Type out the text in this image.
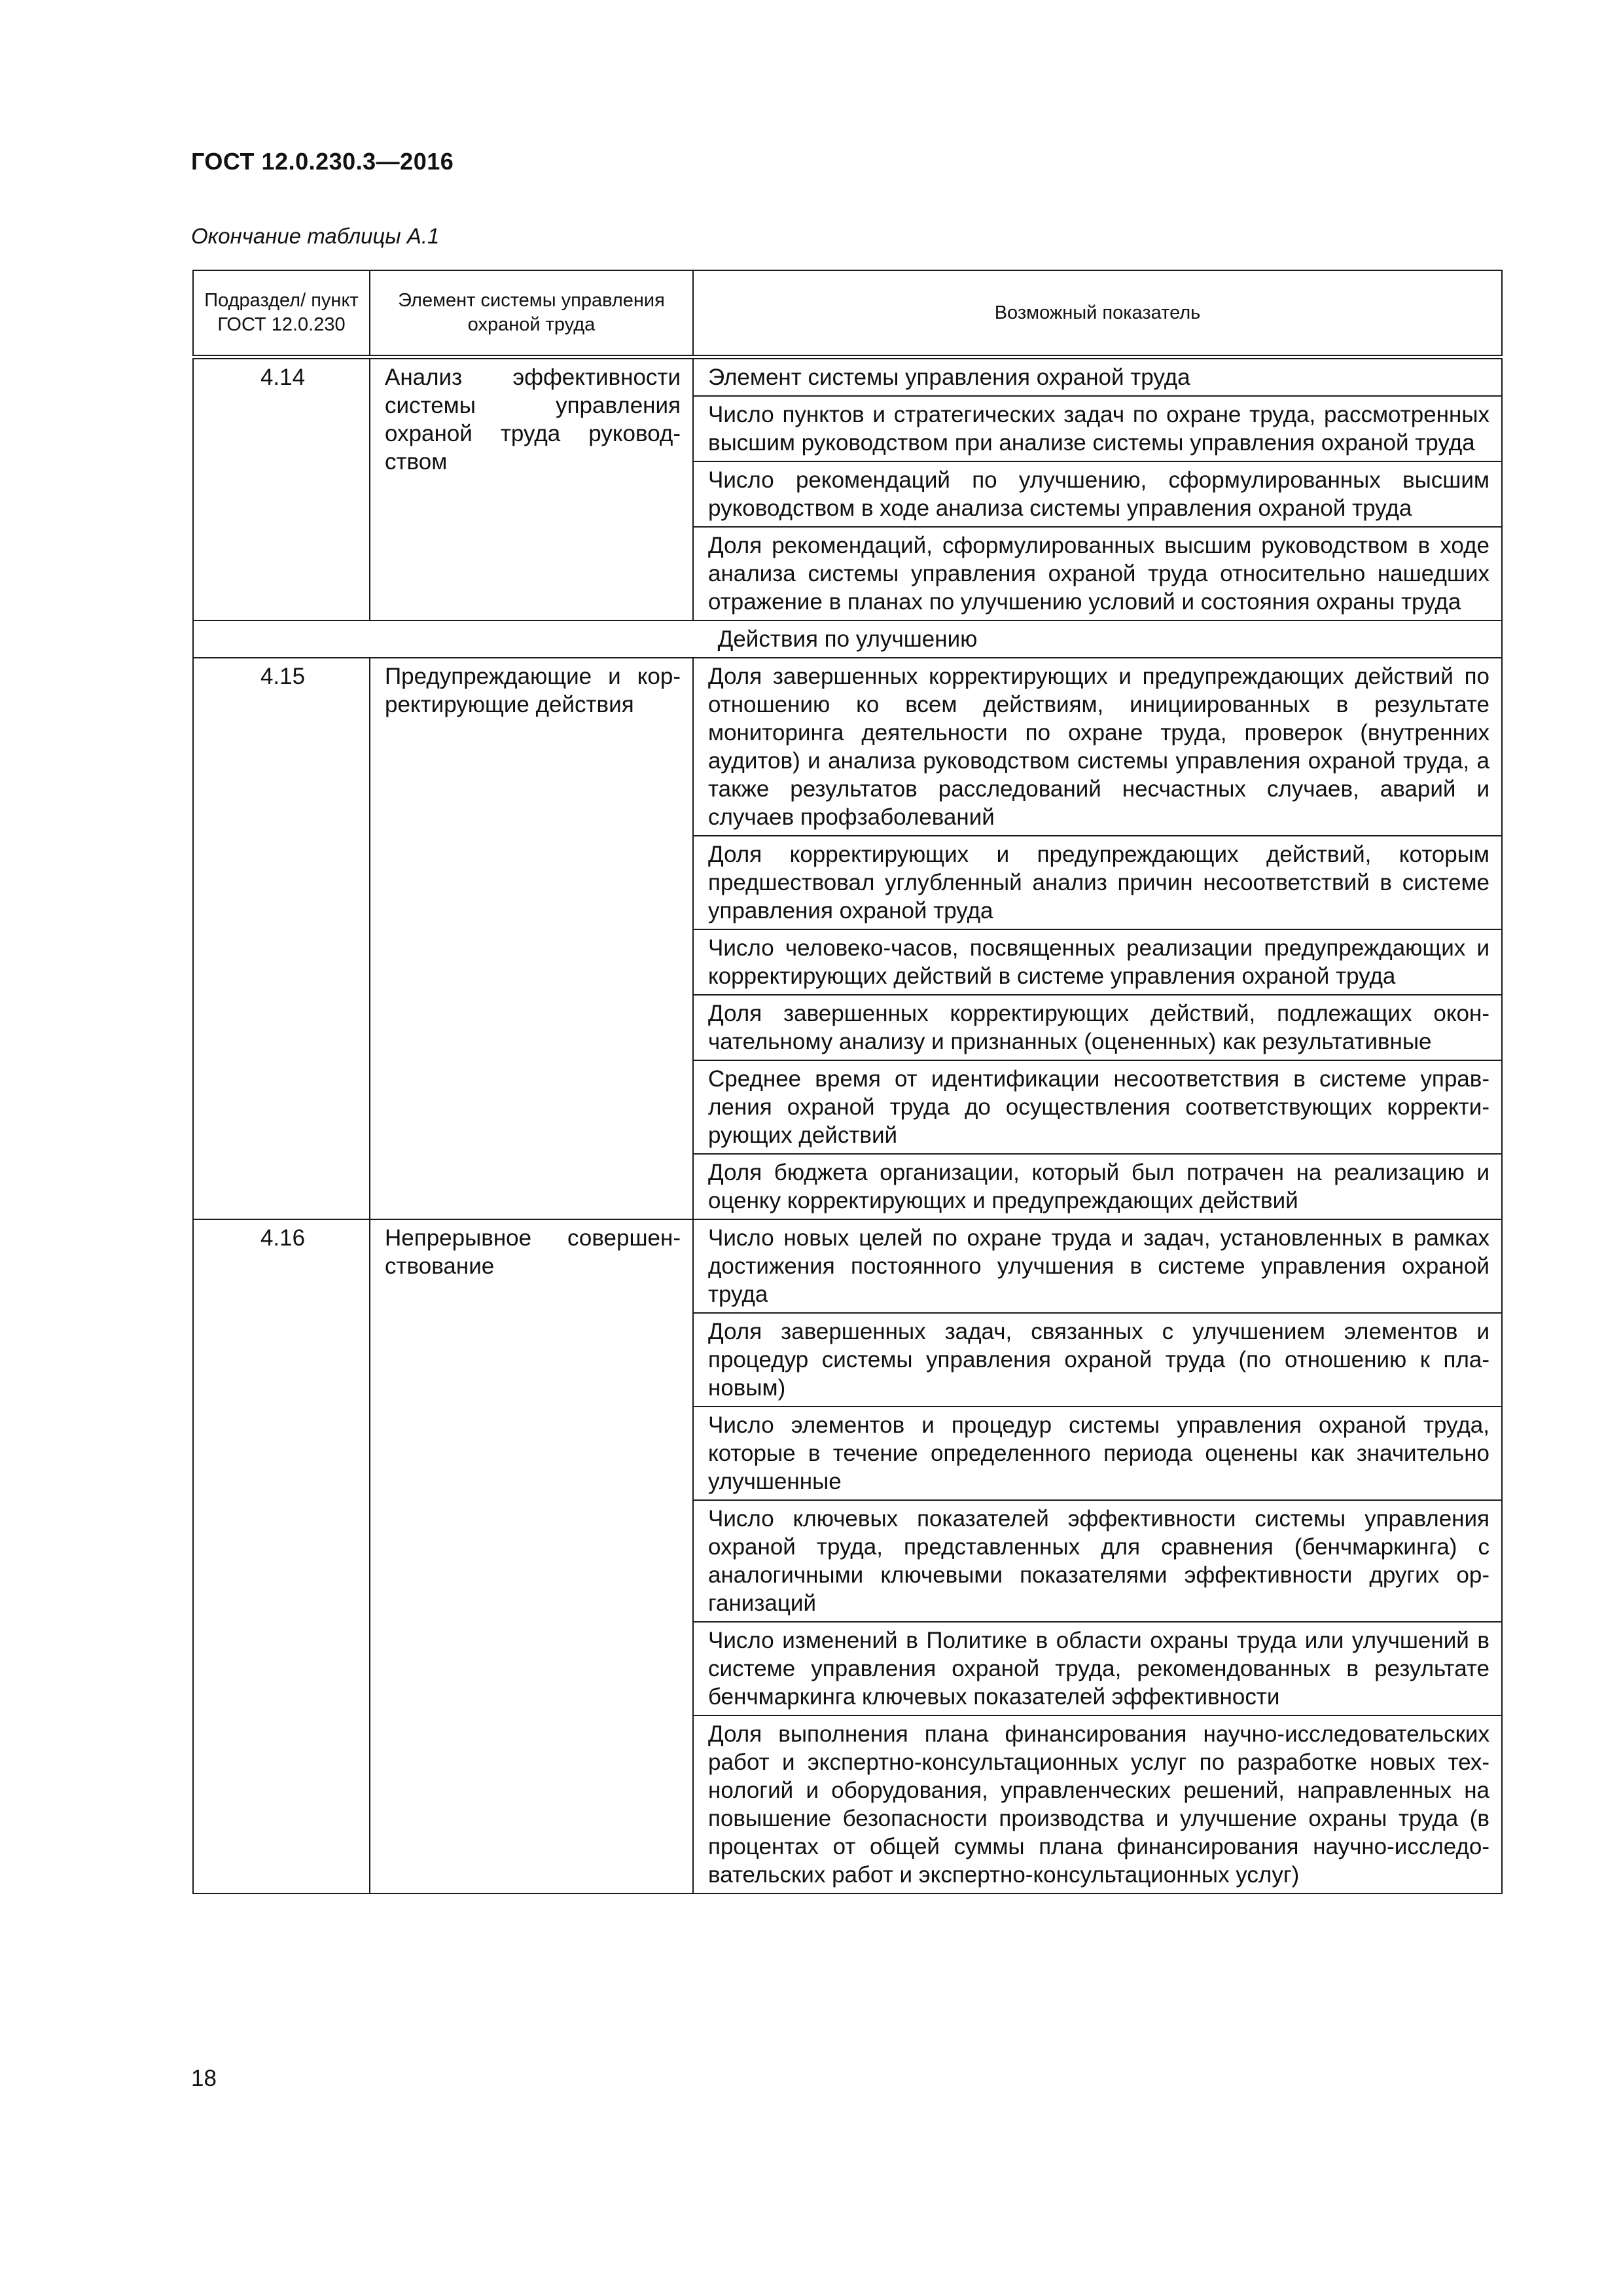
ГОСТ 12.0.230.3—2016
Окончание таблицы А.1
Подраздел/ пункт ГОСТ 12.0.230	Элемент системы управления охраной труда	Возможный показатель
4.14	Анализ эффективности системы управления охраной труда руководством	Элемент системы управления охраной труда
		Число пунктов и стратегических задач по охране труда, рассмотренных высшим руководством при анализе системы управления охраной труда
		Число рекомендаций по улучшению, сформулированных высшим руководством в ходе анализа системы управления охраной труда
		Доля рекомендаций, сформулированных высшим руководством в ходе анализа системы управления охраной труда относительно нашедших отражение в планах по улучшению условий и состояния охраны труда
Действия по улучшению		
4.15	Предупреждающие и корректирующие действия	Доля завершенных корректирующих и предупреждающих действий по отношению ко всем действиям, инициированных в результате мониторинга деятельности по охране труда, проверок (внутренних аудитов) и анализа руководством системы управления охраной труда, а также результатов расследований несчастных случаев, аварий и случаев профзаболеваний
		Доля корректирующих и предупреждающих действий, которым предшествовал углубленный анализ причин несоответствий в системе управления охраной труда
		Число человеко-часов, посвященных реализации предупреждающих и корректирующих действий в системе управления охраной труда
		Доля завершенных корректирующих действий, подлежащих окончательному анализу и признанных (оцененных) как результативные
		Среднее время от идентификации несоответствия в системе управления охраной труда до осуществления соответствующих корректирующих действий
		Доля бюджета организации, который был потрачен на реализацию и оценку корректирующих и предупреждающих действий
4.16	Непрерывное совершенствование	Число новых целей по охране труда и задач, установленных в рамках достижения постоянного улучшения в системе управления охраной труда
		Доля завершенных задач, связанных с улучшением элементов и процедур системы управления охраной труда (по отношению к плановым)
		Число элементов и процедур системы управления охраной труда, которые в течение определенного периода оценены как значительно улучшенные
		Число ключевых показателей эффективности системы управления охраной труда, представленных для сравнения (бенчмаркинга) с аналогичными ключевыми показателями эффективности других организаций
		Число изменений в Политике в области охраны труда или улучшений в системе управления охраной труда, рекомендованных в результате бенчмаркинга ключевых показателей эффективности
		Доля выполнения плана финансирования научно-исследовательских работ и экспертно-консультационных услуг по разработке новых технологий и оборудования, управленческих решений, направленных на повышение безопасности производства и улучшение охраны труда (в процентах от общей суммы плана финансирования научно-исследовательских работ и экспертно-консультационных услуг)
18
